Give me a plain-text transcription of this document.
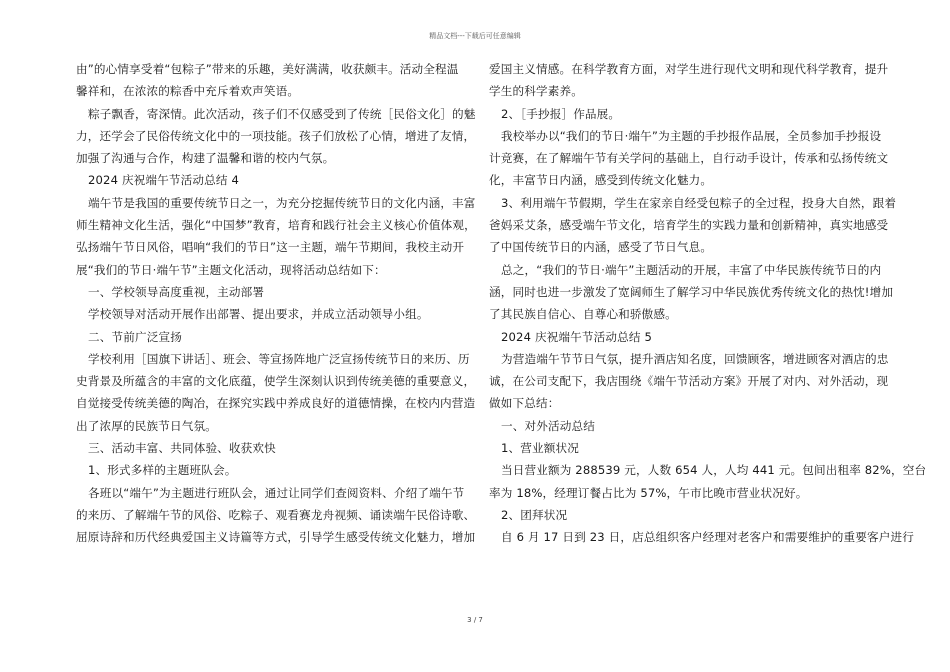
精品文档---下载后可任意编辑
由”的心情享受着“包粽子”带来的乐趣，美好满满，收获颇丰。活动全程温
馨祥和，在浓浓的粽香中充斥着欢声笑语。
粽子飘香，寄深情。此次活动，孩子们不仅感受到了传统［民俗文化］的魅
力，还学会了民俗传统文化中的一项技能。孩子们放松了心情，增进了友情，
加强了沟通与合作，构建了温馨和谐的校内气氛。
2024 庆祝端午节活动总结 4
端午节是我国的重要传统节日之一，为充分挖掘传统节日的文化内涵，丰富
师生精神文化生活，强化“中国梦”教育，培育和践行社会主义核心价值体观，
弘扬端午节日风俗，唱响“我们的节日”这一主题，端午节期间，我校主动开
展“我们的节日·端午节”主题文化活动，现将活动总结如下：
一、学校领导高度重视，主动部署
学校领导对活动开展作出部署、提出要求，并成立活动领导小组。
二、节前广泛宣扬
学校利用［国旗下讲话］、班会、等宣扬阵地广泛宣扬传统节日的来历、历
史背景及所蕴含的丰富的文化底蕴，使学生深刻认识到传统美德的重要意义，
自觉接受传统美德的陶冶，在探究实践中养成良好的道德情操，在校内内营造
出了浓厚的民族节日气氛。
三、活动丰富、共同体验、收获欢快
1、形式多样的主题班队会。
各班以“端午”为主题进行班队会，通过让同学们查阅资料、介绍了端午节
的来历、了解端午节的风俗、吃粽子、观看赛龙舟视频、诵读端午民俗诗歌、
屈原诗辞和历代经典爱国主义诗篇等方式，引导学生感受传统文化魅力，增加
爱国主义情感。在科学教育方面，对学生进行现代文明和现代科学教育，提升
学生的科学素养。
2、［手抄报］作品展。
我校举办以“我们的节日·端午”为主题的手抄报作品展，全员参加手抄报设
计竞赛，在了解端午节有关学问的基础上，自行动手设计，传承和弘扬传统文
化，丰富节日内涵，感受到传统文化魅力。
3、利用端午节假期，学生在家亲自经受包粽子的全过程，投身大自然，跟着
爸妈采艾条，感受端午节文化，培育学生的实践力量和创新精神，真实地感受
了中国传统节日的内涵，感受了节日气息。
总之，“我们的节日·端午”主题活动的开展，丰富了中华民族传统节日的内
涵，同时也进一步激发了宽阔师生了解学习中华民族优秀传统文化的热忱!增加
了其民族自信心、自尊心和骄傲感。
2024 庆祝端午节活动总结 5
为营造端午节节日气氛，提升酒店知名度，回馈顾客，增进顾客对酒店的忠
诚，在公司支配下，我店围绕《端午节活动方案》开展了对内、对外活动，现
做如下总结：
一、对外活动总结
1、营业额状况
当日营业额为 288539 元，人数 654 人，人均 441 元。包间出租率 82%，空台
率为 18%，经理订餐占比为 57%，午市比晚市营业状况好。
2、团拜状况
自 6 月 17 日到 23 日，店总组织客户经理对老客户和需要维护的重要客户进行
3 / 7
